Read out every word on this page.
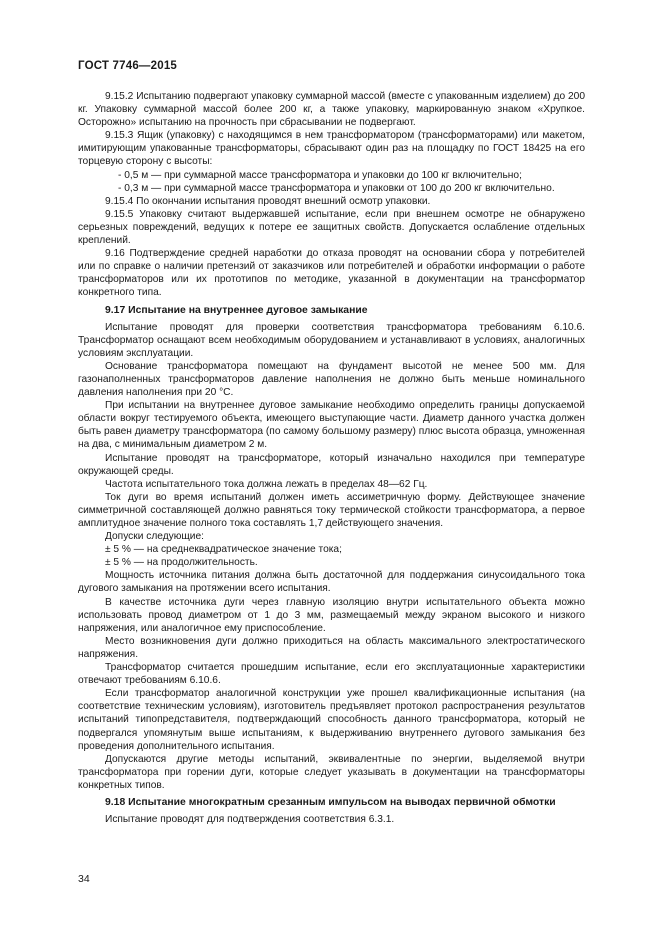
ГОСТ 7746—2015

9.15.2 Испытанию подвергают упаковку суммарной массой (вместе с упакованным изделием) до 200 кг. Упаковку суммарной массой более 200 кг, а также упаковку, маркированную знаком «Хрупкое. Осторожно» испытанию на прочность при сбрасывании не подвергают.

9.15.3 Ящик (упаковку) с находящимся в нем трансформатором (трансформаторами) или макетом, имитирующим упакованные трансформаторы, сбрасывают один раз на площадку по ГОСТ 18425 на его торцевую сторону с высоты:

- 0,5 м — при суммарной массе трансформатора и упаковки до 100 кг включительно;

- 0,3 м — при суммарной массе трансформатора и упаковки от 100 до 200 кг включительно.

9.15.4 По окончании испытания проводят внешний осмотр упаковки.

9.15.5 Упаковку считают выдержавшей испытание, если при внешнем осмотре не обнаружено серьезных повреждений, ведущих к потере ее защитных свойств. Допускается ослабление отдельных креплений.

9.16 Подтверждение средней наработки до отказа проводят на основании сбора у потребителей или по справке о наличии претензий от заказчиков или потребителей и обработки информации о работе трансформаторов или их прототипов по методике, указанной в документации на трансформатор конкретного типа.

9.17 Испытание на внутреннее дуговое замыкание

Испытание проводят для проверки соответствия трансформатора требованиям 6.10.6. Трансформатор оснащают всем необходимым оборудованием и устанавливают в условиях, аналогичных условиям эксплуатации.

Основание трансформатора помещают на фундамент высотой не менее 500 мм. Для газонаполненных трансформаторов давление наполнения не должно быть меньше номинального давления наполнения при 20 °С.

При испытании на внутреннее дуговое замыкание необходимо определить границы допускаемой области вокруг тестируемого объекта, имеющего выступающие части. Диаметр данного участка должен быть равен диаметру трансформатора (по самому большому размеру) плюс высота образца, умноженная на два, с минимальным диаметром 2 м.

Испытание проводят на трансформаторе, который изначально находился при температуре окружающей среды.

Частота испытательного тока должна лежать в пределах 48—62 Гц.

Ток дуги во время испытаний должен иметь ассиметричную форму. Действующее значение симметричной составляющей должно равняться току термической стойкости трансформатора, а первое амплитудное значение полного тока составлять 1,7 действующего значения.

Допуски следующие:

± 5 % — на среднеквадратическое значение тока;

± 5 % — на продолжительность.

Мощность источника питания должна быть достаточной для поддержания синусоидального тока дугового замыкания на протяжении всего испытания.

В качестве источника дуги через главную изоляцию внутри испытательного объекта можно использовать провод диаметром от 1 до 3 мм, размещаемый между экраном высокого и низкого напряжения, или аналогичное ему приспособление.

Место возникновения дуги должно приходиться на область максимального электростатического напряжения.

Трансформатор считается прошедшим испытание, если его эксплуатационные характеристики отвечают требованиям 6.10.6.

Если трансформатор аналогичной конструкции уже прошел квалификационные испытания (на соответствие техническим условиям), изготовитель предъявляет протокол распространения результатов испытаний типопредставителя, подтверждающий способность данного трансформатора, который не подвергался упомянутым выше испытаниям, к выдерживанию внутреннего дугового замыкания без проведения дополнительного испытания.

Допускаются другие методы испытаний, эквивалентные по энергии, выделяемой внутри трансформатора при горении дуги, которые следует указывать в документации на трансформаторы конкретных типов.

9.18 Испытание многократным срезанным импульсом на выводах первичной обмотки

Испытание проводят для подтверждения соответствия 6.3.1.

34
